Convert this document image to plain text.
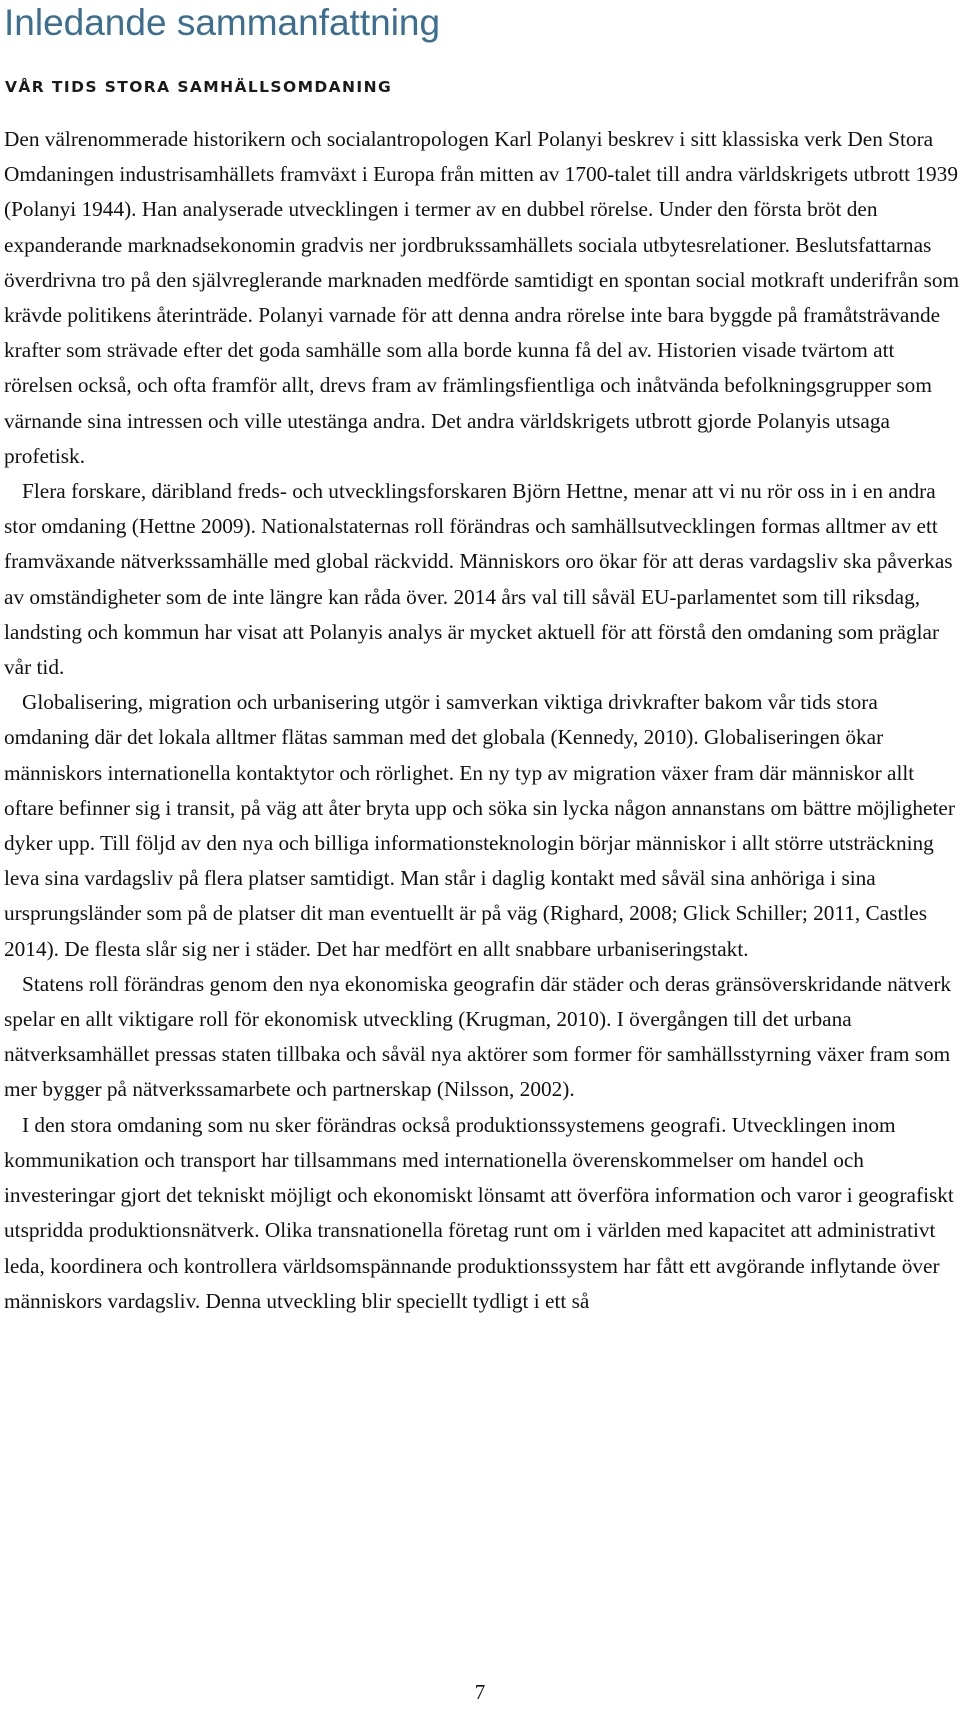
Inledande sammanfattning
VÅR TIDS STORA SAMHÄLLSOMDANING

Den välrenommerade historikern och socialantropologen Karl Polanyi beskrev i sitt klassiska verk Den Stora Omdaningen industrisamhällets framväxt i Europa från mitten av 1700-talet till andra världskrigets utbrott 1939 (Polanyi 1944). Han analyserade utvecklingen i termer av en dubbel rörelse. Under den första bröt den expanderande marknadsekonomin gradvis ner jordbrukssamhällets sociala utbytesrelationer. Beslutsfattarnas överdrivna tro på den självreglerande marknaden medförde samtidigt en spontan social motkraft underifrån som krävde politikens återinträde. Polanyi varnade för att denna andra rörelse inte bara byggde på framåtsträvande krafter som strävade efter det goda samhälle som alla borde kunna få del av. Historien visade tvärtom att rörelsen också, och ofta framför allt, drevs fram av främlingsfientliga och inåtvända befolkningsgrupper som värnande sina intressen och ville utestänga andra. Det andra världskrigets utbrott gjorde Polanyis utsaga profetisk.

Flera forskare, däribland freds- och utvecklingsforskaren Björn Hettne, menar att vi nu rör oss in i en andra stor omdaning (Hettne 2009). Nationalstaternas roll förändras och samhällsutvecklingen formas alltmer av ett framväxande nätverkssamhälle med global räckvidd. Människors oro ökar för att deras vardagsliv ska påverkas av omständigheter som de inte längre kan råda över. 2014 års val till såväl EU-parlamentet som till riksdag, landsting och kommun har visat att Polanyis analys är mycket aktuell för att förstå den omdaning som präglar vår tid.

Globalisering, migration och urbanisering utgör i samverkan viktiga drivkrafter bakom vår tids stora omdaning där det lokala alltmer flätas samman med det globala (Kennedy, 2010). Globaliseringen ökar människors internationella kontaktytor och rörlighet. En ny typ av migration växer fram där människor allt oftare befinner sig i transit, på väg att åter bryta upp och söka sin lycka någon annanstans om bättre möjligheter dyker upp. Till följd av den nya och billiga informationsteknologin börjar människor i allt större utsträckning leva sina vardagsliv på flera platser samtidigt. Man står i daglig kontakt med såväl sina anhöriga i sina ursprungsländer som på de platser dit man eventuellt är på väg (Righard, 2008; Glick Schiller; 2011, Castles 2014). De flesta slår sig ner i städer. Det har medfört en allt snabbare urbaniseringstakt.

Statens roll förändras genom den nya ekonomiska geografin där städer och deras gränsöverskridande nätverk spelar en allt viktigare roll för ekonomisk utveckling (Krugman, 2010). I övergången till det urbana nätverksamhället pressas staten tillbaka och såväl nya aktörer som former för samhällsstyrning växer fram som mer bygger på nätverkssamarbete och partnerskap (Nilsson, 2002).

I den stora omdaning som nu sker förändras också produktionssystemens geografi. Utvecklingen inom kommunikation och transport har tillsammans med internationella överenskommelser om handel och investeringar gjort det tekniskt möjligt och ekonomiskt lönsamt att överföra information och varor i geografiskt utspridda produktionsnätverk. Olika transnationella företag runt om i världen med kapacitet att administrativt leda, koordinera och kontrollera världsomspännande produktionssystem har fått ett avgörande inflytande över människors vardagsliv. Denna utveckling blir speciellt tydligt i ett så

7
